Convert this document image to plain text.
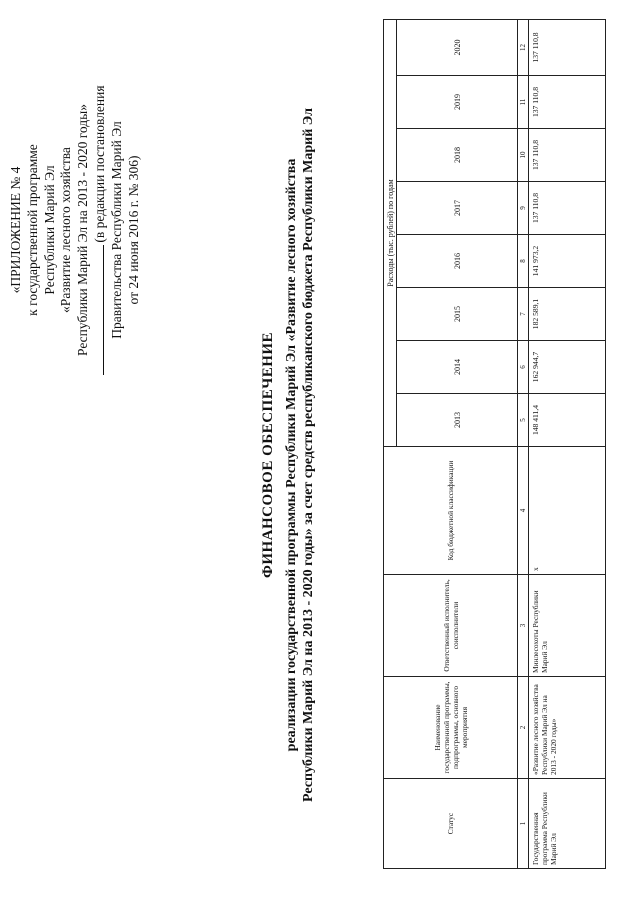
«ПРИЛОЖЕНИЕ № 4 к государственной программе Республики Марий Эл «Развитие лесного хозяйства Республики Марий Эл на 2013 - 2020 годы» (в редакции постановления Правительства Республики Марий Эл от 24 июня 2016 г. № 306)
ФИНАНСОВОЕ ОБЕСПЕЧЕНИЕ реализации государственной программы Республики Марий Эл «Развитие лесного хозяйства Республики Марий Эл на 2013 - 2020 годы» за счет средств республиканского бюджета Республики Марий Эл
Статус	Наименование государственной программы, подпрограммы, основного мероприятия	Ответственный исполнитель, соисполнители	Код бюджетной классификации	Расходы (тыс. рублей) по годам							
				2013	2014	2015	2016	2017	2018	2019	2020
1	2	3	4	5	6	7	8	9	10	11	12
Государственная программа Республики Марий Эл	«Развитие лесного хозяйства Республики Марий Эл на 2013 - 2020 годы»	Минлесохоты Республики Марий Эл	x	148 411,4	162 944,7	182 589,1	141 973,2	137 110,8	137 110,8	137 110,8	137 110,8
